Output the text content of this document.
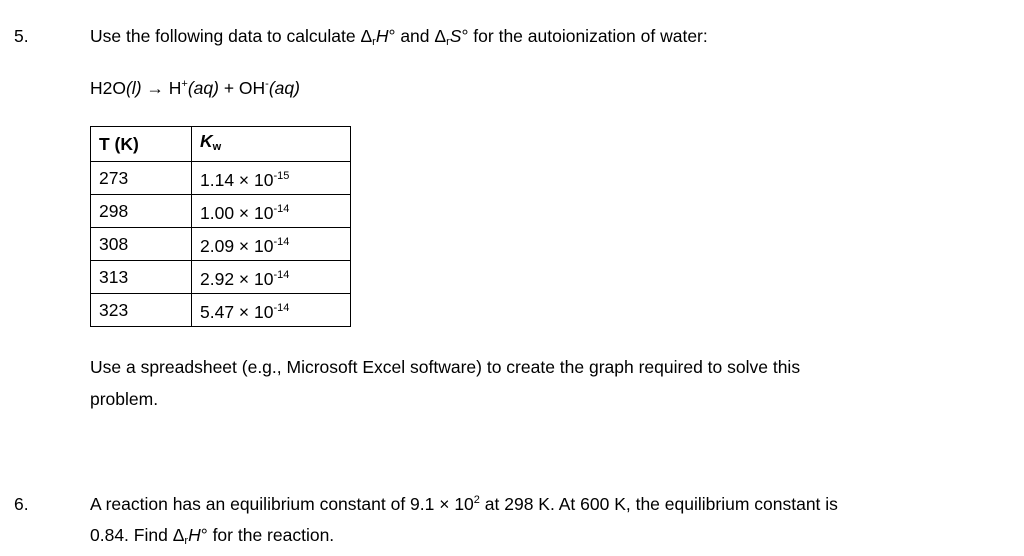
5.	Use the following data to calculate $\Delta_rH^\circ$ and $\Delta_rS^\circ$ for the autoionization of water:
H2O(l) → H+(aq) + OH-(aq)
T (K)	$K_w$
273	$1.14 \times 10^{-15}$
298	$1.00 \times 10^{-14}$
308	$2.09 \times 10^{-14}$
313	$2.92 \times 10^{-14}$
323	$5.47 \times 10^{-14}$
Use a spreadsheet (e.g., Microsoft Excel software) to create the graph required to solve this
problem.
6.	A reaction has an equilibrium constant of $9.1 \times 10^2$ at 298 K. At 600 K, the equilibrium constant is
0.84. Find $\Delta_rH^\circ$ for the reaction.
